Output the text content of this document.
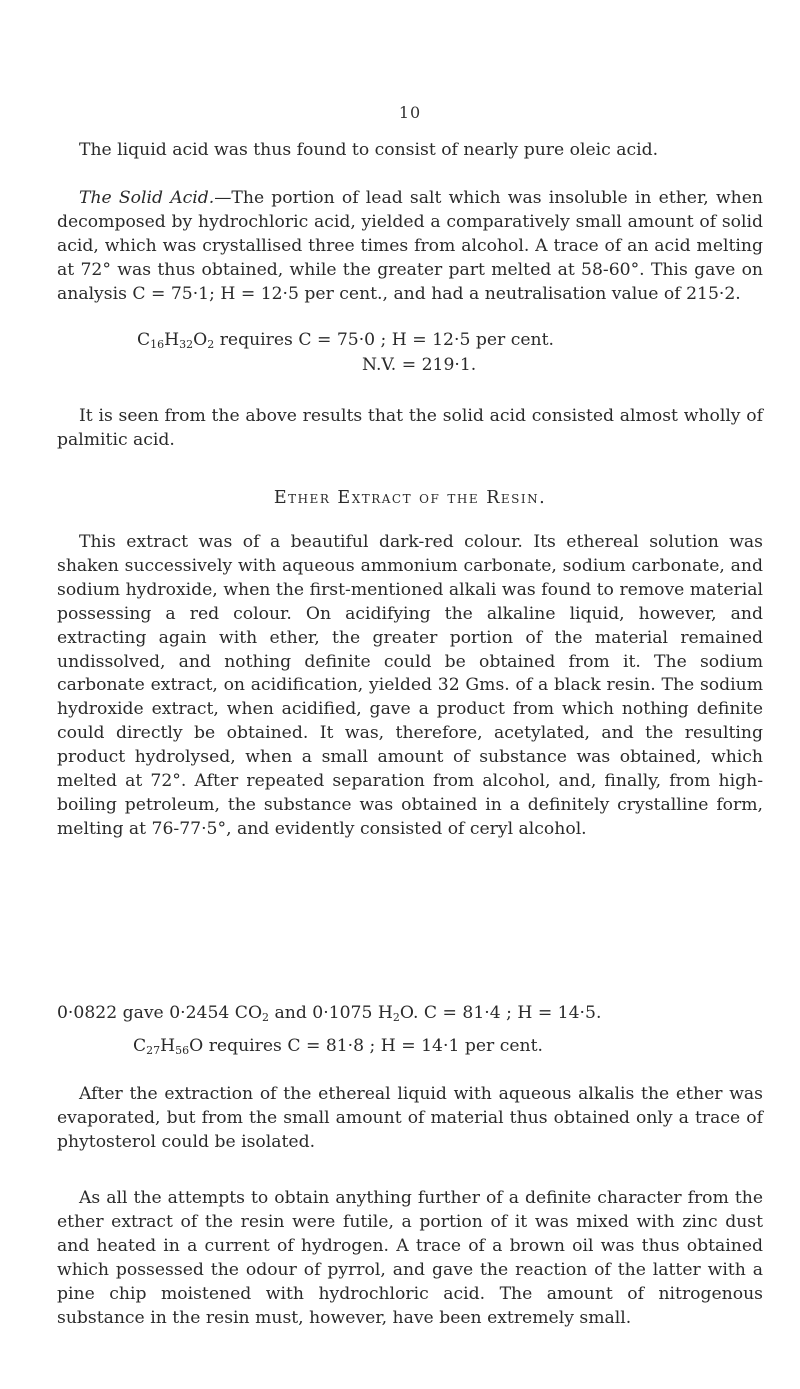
10

The liquid acid was thus found to consist of nearly pure oleic acid.

The Solid Acid.—The portion of lead salt which was insoluble in ether, when decomposed by hydrochloric acid, yielded a comparatively small amount of solid acid, which was crystallised three times from alcohol. A trace of an acid melting at 72° was thus obtained, while the greater part melted at 58-60°. This gave on analysis C = 75·1; H = 12·5 per cent., and had a neutralisation value of 215·2.

$C_{16}H_{32}O_2$ requires C = 75·0 ; H = 12·5 per cent.

N.V. = 219·1.

It is seen from the above results that the solid acid consisted almost wholly of palmitic acid.

Ether Extract of the Resin.

This extract was of a beautiful dark-red colour. Its ethereal solution was shaken successively with aqueous ammonium carbonate, sodium carbonate, and sodium hydroxide, when the first-mentioned alkali was found to remove material possessing a red colour. On acidifying the alkaline liquid, however, and extracting again with ether, the greater portion of the material remained undissolved, and nothing definite could be obtained from it. The sodium carbonate extract, on acidification, yielded 32 Gms. of a black resin. The sodium hydroxide extract, when acidified, gave a product from which nothing definite could directly be obtained. It was, therefore, acetylated, and the resulting product hydrolysed, when a small amount of substance was obtained, which melted at 72°. After repeated separation from alcohol, and, finally, from high-boiling petroleum, the substance was obtained in a definitely crystalline form, melting at 76-77·5°, and evidently consisted of ceryl alcohol.

0·0822 gave 0·2454 $CO_2$ and 0·1075 $H_2O$. C = 81·4 ; H = 14·5.

$C_{27}H_{56}O$ requires C = 81·8 ; H = 14·1 per cent.

After the extraction of the ethereal liquid with aqueous alkalis the ether was evaporated, but from the small amount of material thus obtained only a trace of phytosterol could be isolated.

As all the attempts to obtain anything further of a definite character from the ether extract of the resin were futile, a portion of it was mixed with zinc dust and heated in a current of hydrogen. A trace of a brown oil was thus obtained which possessed the odour of pyrrol, and gave the reaction of the latter with a pine chip moistened with hydrochloric acid. The amount of nitrogenous substance in the resin must, however, have been extremely small.
